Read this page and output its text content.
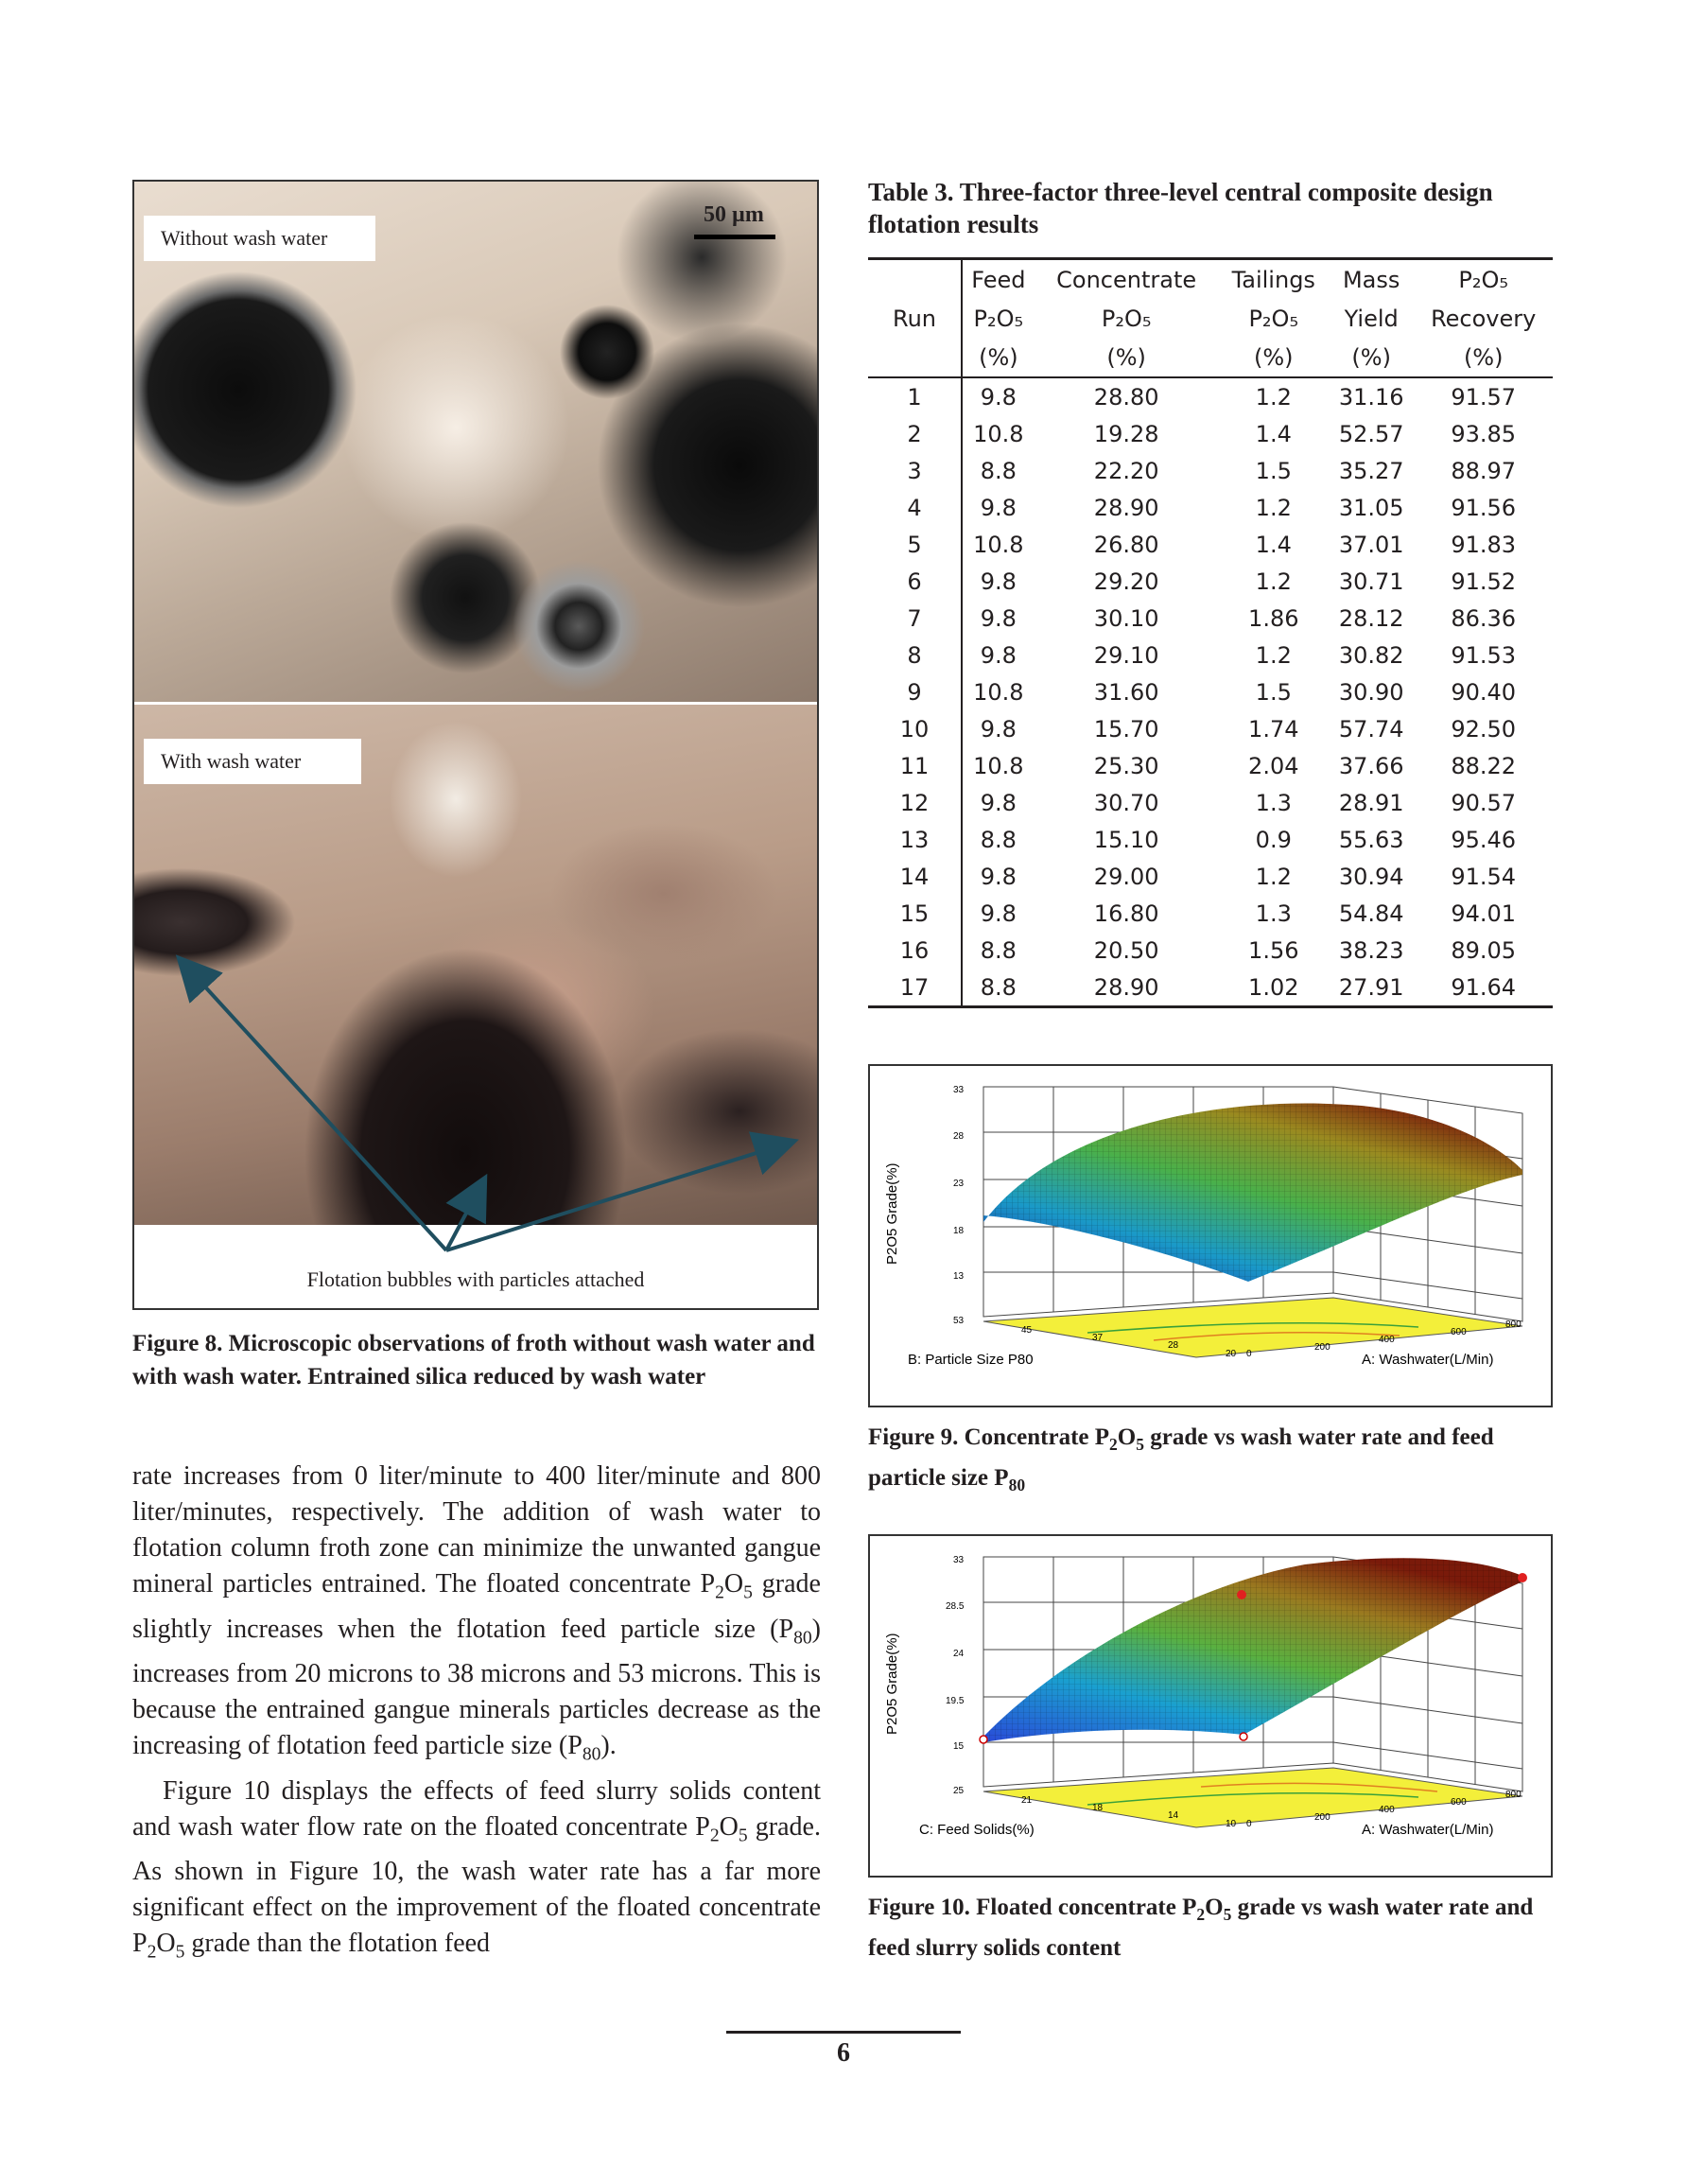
Without wash water
50 µm
With wash water
Flotation bubbles with particles attached
Figure 8. Microscopic observations of froth without wash water and with wash water. Entrained silica reduced by wash water

rate increases from 0 liter/minute to 400 liter/minute and 800 liter/minutes, respectively. The addition of wash water to flotation column froth zone can minimize the unwanted gangue mineral particles entrained. The floated concentrate $P_2O_5$ grade slightly increases when the flotation feed particle size $(P_{80})$ increases from 20 microns to 38 microns and 53 microns. This is because the entrained gangue minerals particles decrease as the increasing of flotation feed particle size $(P_{80})$.

Figure 10 displays the effects of feed slurry solids content and wash water flow rate on the floated concentrate $P_2O_5$ grade. As shown in Figure 10, the wash water rate has a far more significant effect on the improvement of the floated concentrate $P_2O_5$ grade than the flotation feed

Table 3. Three-factor three-level central composite design flotation results
	Feed	Concentrate	Tailings	Mass	P₂O₅
Run	P₂O₅	P₂O₅	P₂O₅	Yield	Recovery
	(%)	(%)	(%)	(%)	(%)
1	9.8	28.80	1.2	31.16	91.57
2	10.8	19.28	1.4	52.57	93.85
3	8.8	22.20	1.5	35.27	88.97
4	9.8	28.90	1.2	31.05	91.56
5	10.8	26.80	1.4	37.01	91.83
6	9.8	29.20	1.2	30.71	91.52
7	9.8	30.10	1.86	28.12	86.36
8	9.8	29.10	1.2	30.82	91.53
9	10.8	31.60	1.5	30.90	90.40
10	9.8	15.70	1.74	57.74	92.50
11	10.8	25.30	2.04	37.66	88.22
12	9.8	30.70	1.3	28.91	90.57
13	8.8	15.10	0.9	55.63	95.46
14	9.8	29.00	1.2	30.94	91.54
15	9.8	16.80	1.3	54.84	94.01
16	8.8	20.50	1.56	38.23	89.05
17	8.8	28.90	1.02	27.91	91.64
33
28
23
18
13
53
45
37
28
20 0
200
400
600
800
B: Particle Size P80	A: Washwater(L/Min)
P2O5 Grade(%)
Figure 9. Concentrate $P_2O_5$ grade vs wash water rate and feed particle size $P_{80}$
33
28.5
24
19.5
15
25
21
18
14
10 0
200
400
600
800
C: Feed Solids(%)	A: Washwater(L/Min)
P2O5 Grade(%)
Figure 10. Floated concentrate $P_2O_5$ grade vs wash water rate and feed slurry solids content
6
